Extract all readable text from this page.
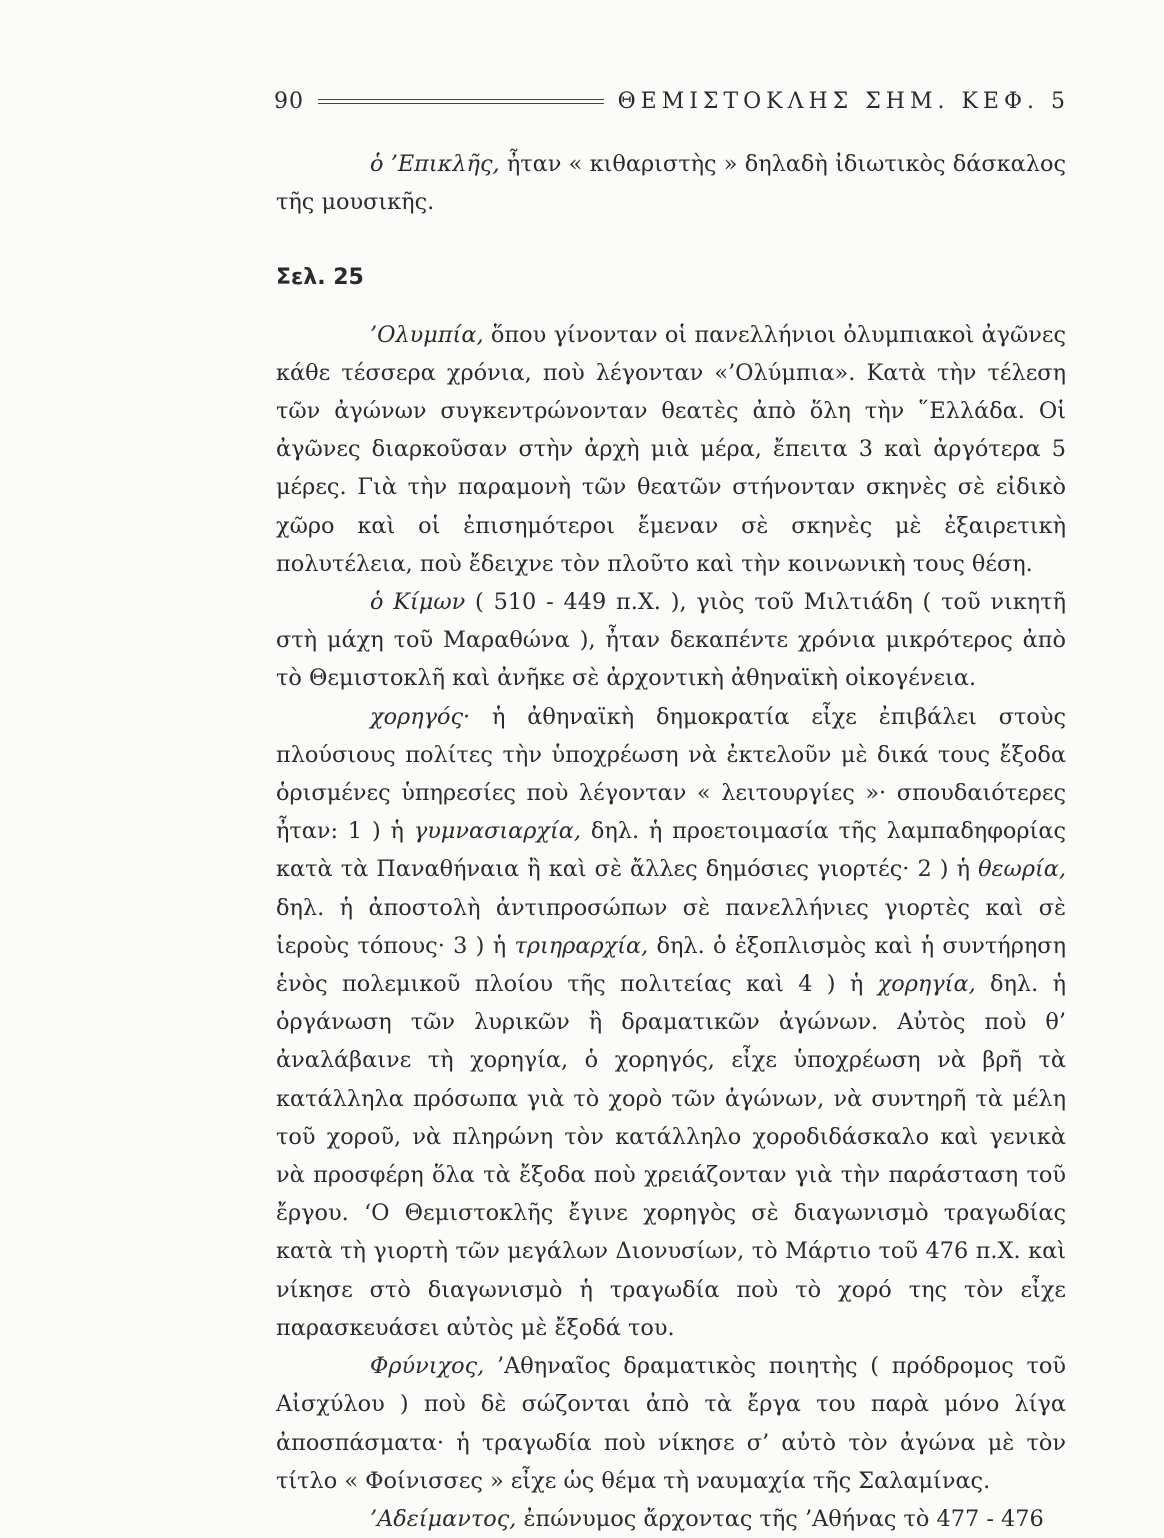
90	ΘΕΜΙΣΤΟΚΛΗΣ ΣΗΜ. ΚΕΦ. 5

ὁ ’Επικλῆς, ἦταν « κιθαριστὴς » δηλαδὴ ἰδιωτικὸς δάσκαλος τῆς μουσικῆς.

Σελ. 25

’Ολυμπία, ὅπου γίνονταν οἱ πανελλήνιοι ὀλυμπιακοὶ ἀγῶνες κάθε τέσσερα χρόνια, ποὺ λέγονταν «’Ολύμπια». Κατὰ τὴν τέλεση τῶν ἀγώνων συγκεντρώνονταν θεατὲς ἀπὸ ὅλη τὴν ῞Ελλάδα. Οἱ ἀγῶνες διαρκοῦσαν στὴν ἀρχὴ μιὰ μέρα, ἔπειτα 3 καὶ ἀργότερα 5 μέρες. Γιὰ τὴν παραμονὴ τῶν θεατῶν στήνονταν σκηνὲς σὲ εἰδικὸ χῶρο καὶ οἱ ἐπισημότεροι ἔμεναν σὲ σκηνὲς μὲ ἐξαιρετικὴ πολυτέλεια, ποὺ ἔδειχνε τὸν πλοῦτο καὶ τὴν κοινωνικὴ τους θέση.

ὁ Κίμων ( 510 - 449 π.Χ. ), γιὸς τοῦ Μιλτιάδη ( τοῦ νικητῆ στὴ μάχη τοῦ Μαραθώνα ), ἦταν δεκαπέντε χρόνια μικρότερος ἀπὸ τὸ Θεμιστοκλῆ καὶ ἀνῆκε σὲ ἀρχοντικὴ ἀθηναϊκὴ οἰκογένεια.

χορηγός· ἡ ἀθηναϊκὴ δημοκρατία εἶχε ἐπιβάλει στοὺς πλούσιους πολίτες τὴν ὑποχρέωση νὰ ἐκτελοῦν μὲ δικά τους ἔξοδα ὁρισμένες ὑπηρεσίες ποὺ λέγονταν « λειτουργίες »· σπουδαιότερες ἦταν: 1 ) ἡ γυμνασιαρχία, δηλ. ἡ προετοιμασία τῆς λαμπαδηφορίας κατὰ τὰ Παναθήναια ἢ καὶ σὲ ἄλλες δημόσιες γιορτές· 2 ) ἡ θεωρία, δηλ. ἡ ἀποστολὴ ἀντιπροσώπων σὲ πανελλήνιες γιορτὲς καὶ σὲ ἱεροὺς τόπους· 3 ) ἡ τριηραρχία, δηλ. ὁ ἐξοπλισμὸς καὶ ἡ συντήρηση ἑνὸς πολεμικοῦ πλοίου τῆς πολιτείας καὶ 4 ) ἡ χορηγία, δηλ. ἡ ὀργάνωση τῶν λυρικῶν ἢ δραματικῶν ἀγώνων. Αὐτὸς ποὺ θ’ ἀναλάβαινε τὴ χορηγία, ὁ χορηγός, εἶχε ὑποχρέωση νὰ βρῆ τὰ κατάλληλα πρόσωπα γιὰ τὸ χορὸ τῶν ἀγώνων, νὰ συντηρῆ τὰ μέλη τοῦ χοροῦ, νὰ πληρώνη τὸν κατάλληλο χοροδιδάσκαλο καὶ γενικὰ νὰ προσφέρη ὅλα τὰ ἔξοδα ποὺ χρειάζονταν γιὰ τὴν παράσταση τοῦ ἔργου. ‘Ο Θεμιστοκλῆς ἔγινε χορηγὸς σὲ διαγωνισμὸ τραγωδίας κατὰ τὴ γιορτὴ τῶν μεγάλων Διονυσίων, τὸ Μάρτιο τοῦ 476 π.Χ. καὶ νίκησε στὸ διαγωνισμὸ ἡ τραγωδία ποὺ τὸ χορό της τὸν εἶχε παρασκευάσει αὐτὸς μὲ ἔξοδά του.

Φρύνιχος, ’Αθηναῖος δραματικὸς ποιητὴς ( πρόδρομος τοῦ Αἰσχύλου ) ποὺ δὲ σώζονται ἀπὸ τὰ ἔργα του παρὰ μόνο λίγα ἀποσπάσματα· ἡ τραγωδία ποὺ νίκησε σ’ αὐτὸ τὸν ἀγώνα μὲ τὸν τίτλο « Φοίνισσες » εἶχε ὡς θέμα τὴ ναυμαχία τῆς Σαλαμίνας.

’Αδείμαντος, ἐπώνυμος ἄρχοντας τῆς ’Αθήνας τὸ 477 - 476
